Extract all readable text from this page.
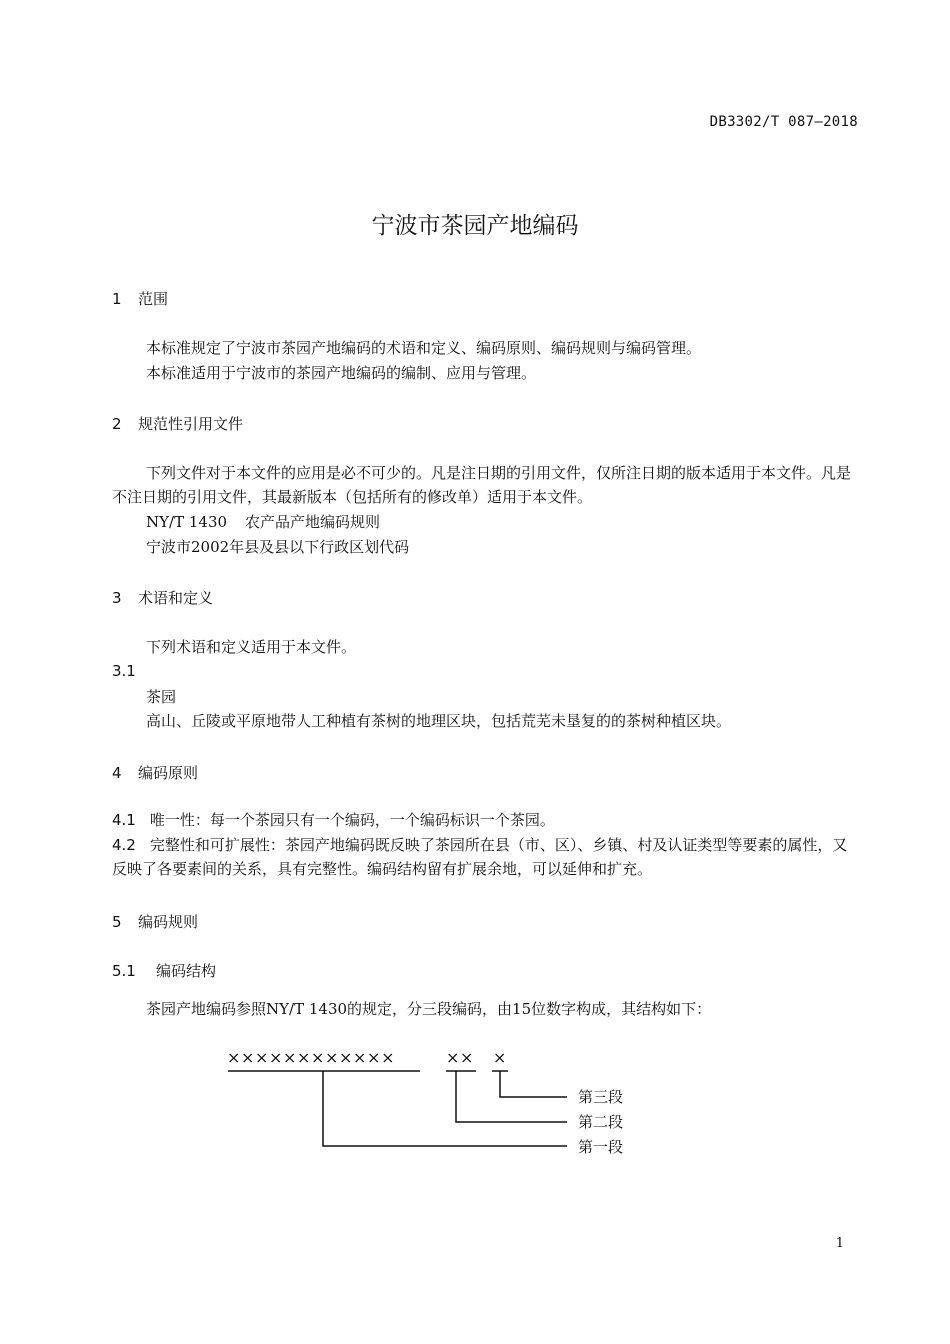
DB3302/T 087—2018
宁波市茶园产地编码
1 范围
本标准规定了宁波市茶园产地编码的术语和定义、编码原则、编码规则与编码管理。
本标准适用于宁波市的茶园产地编码的编制、应用与管理。
2 规范性引用文件
下列文件对于本文件的应用是必不可少的。凡是注日期的引用文件，仅所注日期的版本适用于本文件。凡是不注日期的引用文件，其最新版本（包括所有的修改单）适用于本文件。
NY/T 1430 农产品产地编码规则
宁波市2002年县及县以下行政区划代码
3 术语和定义
下列术语和定义适用于本文件。
3.1
茶园
高山、丘陵或平原地带人工种植有茶树的地理区块，包括荒芜未垦复的的茶树种植区块。
4 编码原则
4.1 唯一性：每一个茶园只有一个编码，一个编码标识一个茶园。
4.2 完整性和可扩展性：茶园产地编码既反映了茶园所在县（市、区）、乡镇、村及认证类型等要素的属性，又反映了各要素间的关系，具有完整性。编码结构留有扩展余地，可以延伸和扩充。
5 编码规则
5.1 编码结构
茶园产地编码参照NY/T 1430的规定，分三段编码，由15位数字构成，其结构如下：
××××××××××××	×× ×
第三段
第二段
第一段
1
